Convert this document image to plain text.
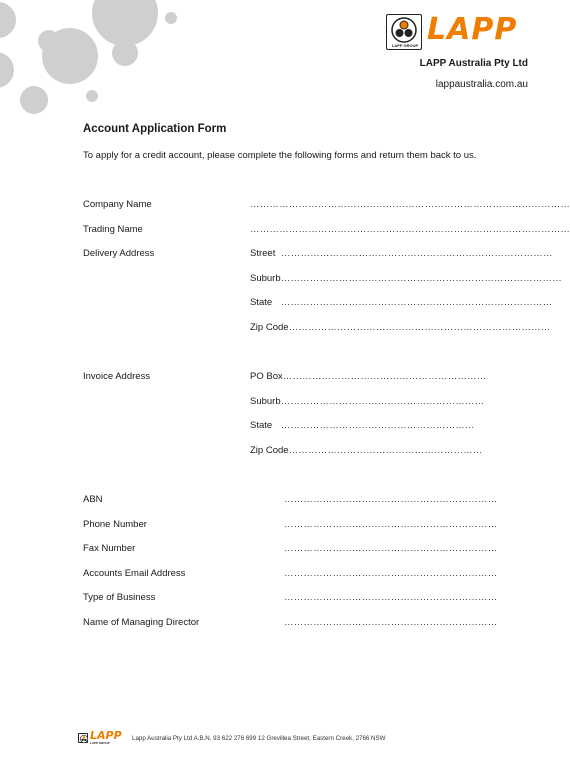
LAPP GROUP LAPP
LAPP Australia Pty Ltd
lappaustralia.com.au
Account Application Form
To apply for a credit account, please complete the following forms and return them back to us.
Company Name	………………………………………………………………………………………
Trading Name	………………………………………………………………………………………
Delivery Address	Street  …………………………………………………………………………
Suburb……………………………………………………………………………
State   …………………………………………………………………………
Zip Code………………………………………………………………………
Invoice Address	PO Box………………………………………………………
Suburb………………………………………………………
State   ……………………………………………………
Zip Code……………………………………………………
ABN	…………………………………………………………
Phone Number	…………………………………………………………
Fax Number	…………………………………………………………
Accounts Email Address	…………………………………………………………
Type of Business	…………………………………………………………
Name of Managing Director	…………………………………………………………
LAPP
LAPP GROUP
Lapp Australia Pty Ltd A.B.N. 93 622 276 699 12 Grevillea Street, Eastern Creek, 2766 NSW
